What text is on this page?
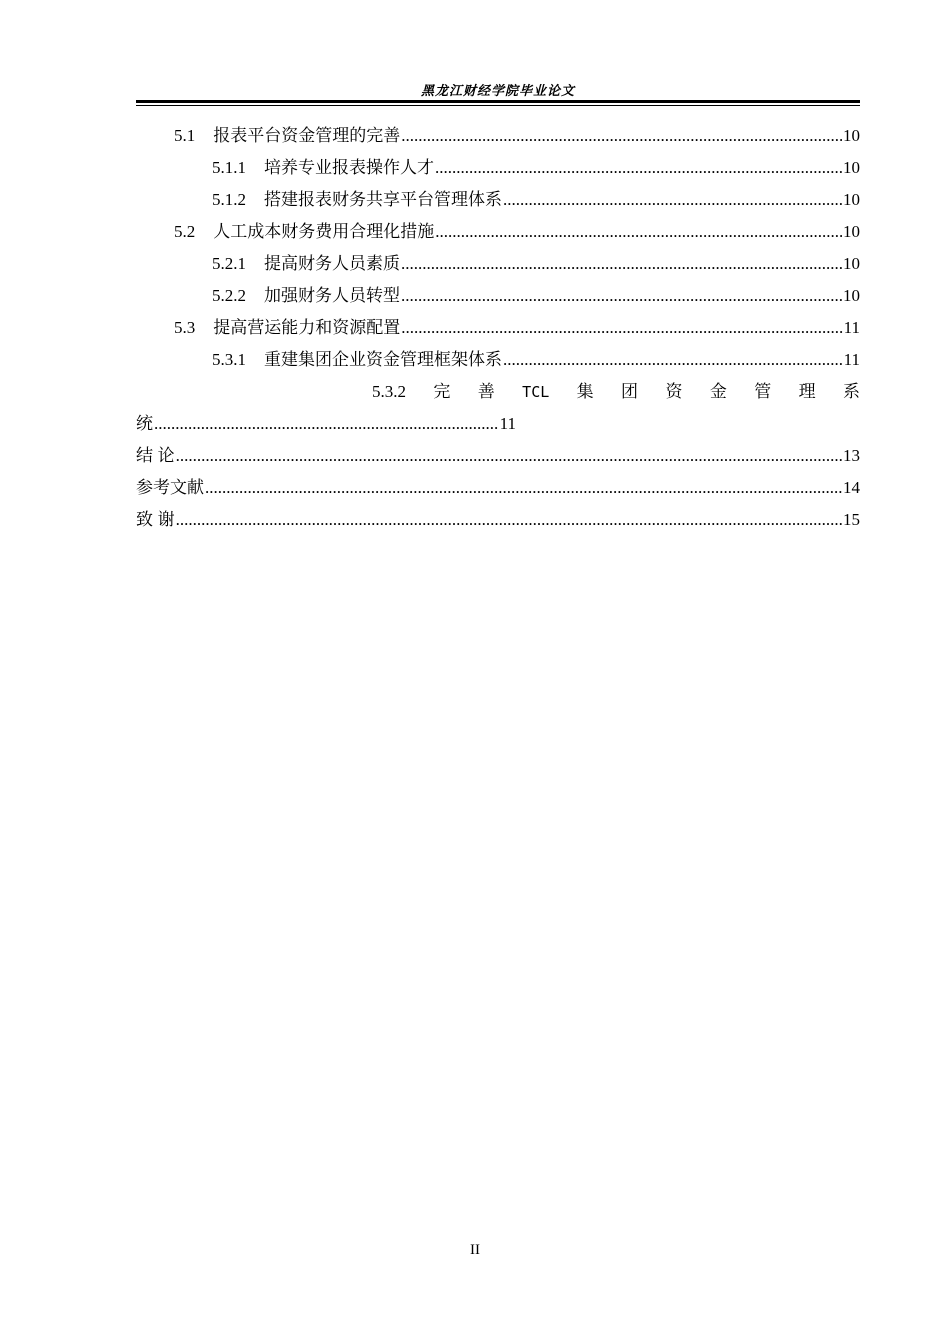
黑龙江财经学院毕业论文
5.1 报表平台资金管理的完善 .....	10
5.1.1 培养专业报表操作人才 .....	10
5.1.2 搭建报表财务共享平台管理体系 .....	10
5.2 人工成本财务费用合理化措施 .....	10
5.2.1 提高财务人员素质 .....	10
5.2.2 加强财务人员转型 .....	10
5.3 提高营运能力和资源配置 .....	11
5.3.1 重建集团企业资金管理框架体系 .....	11
5.3.2 完 善 TCL 集 团 资 金 管 理 系
统 .....	11
结 论 .....	13
参考文献 .....	14
致 谢 .....	15
II
